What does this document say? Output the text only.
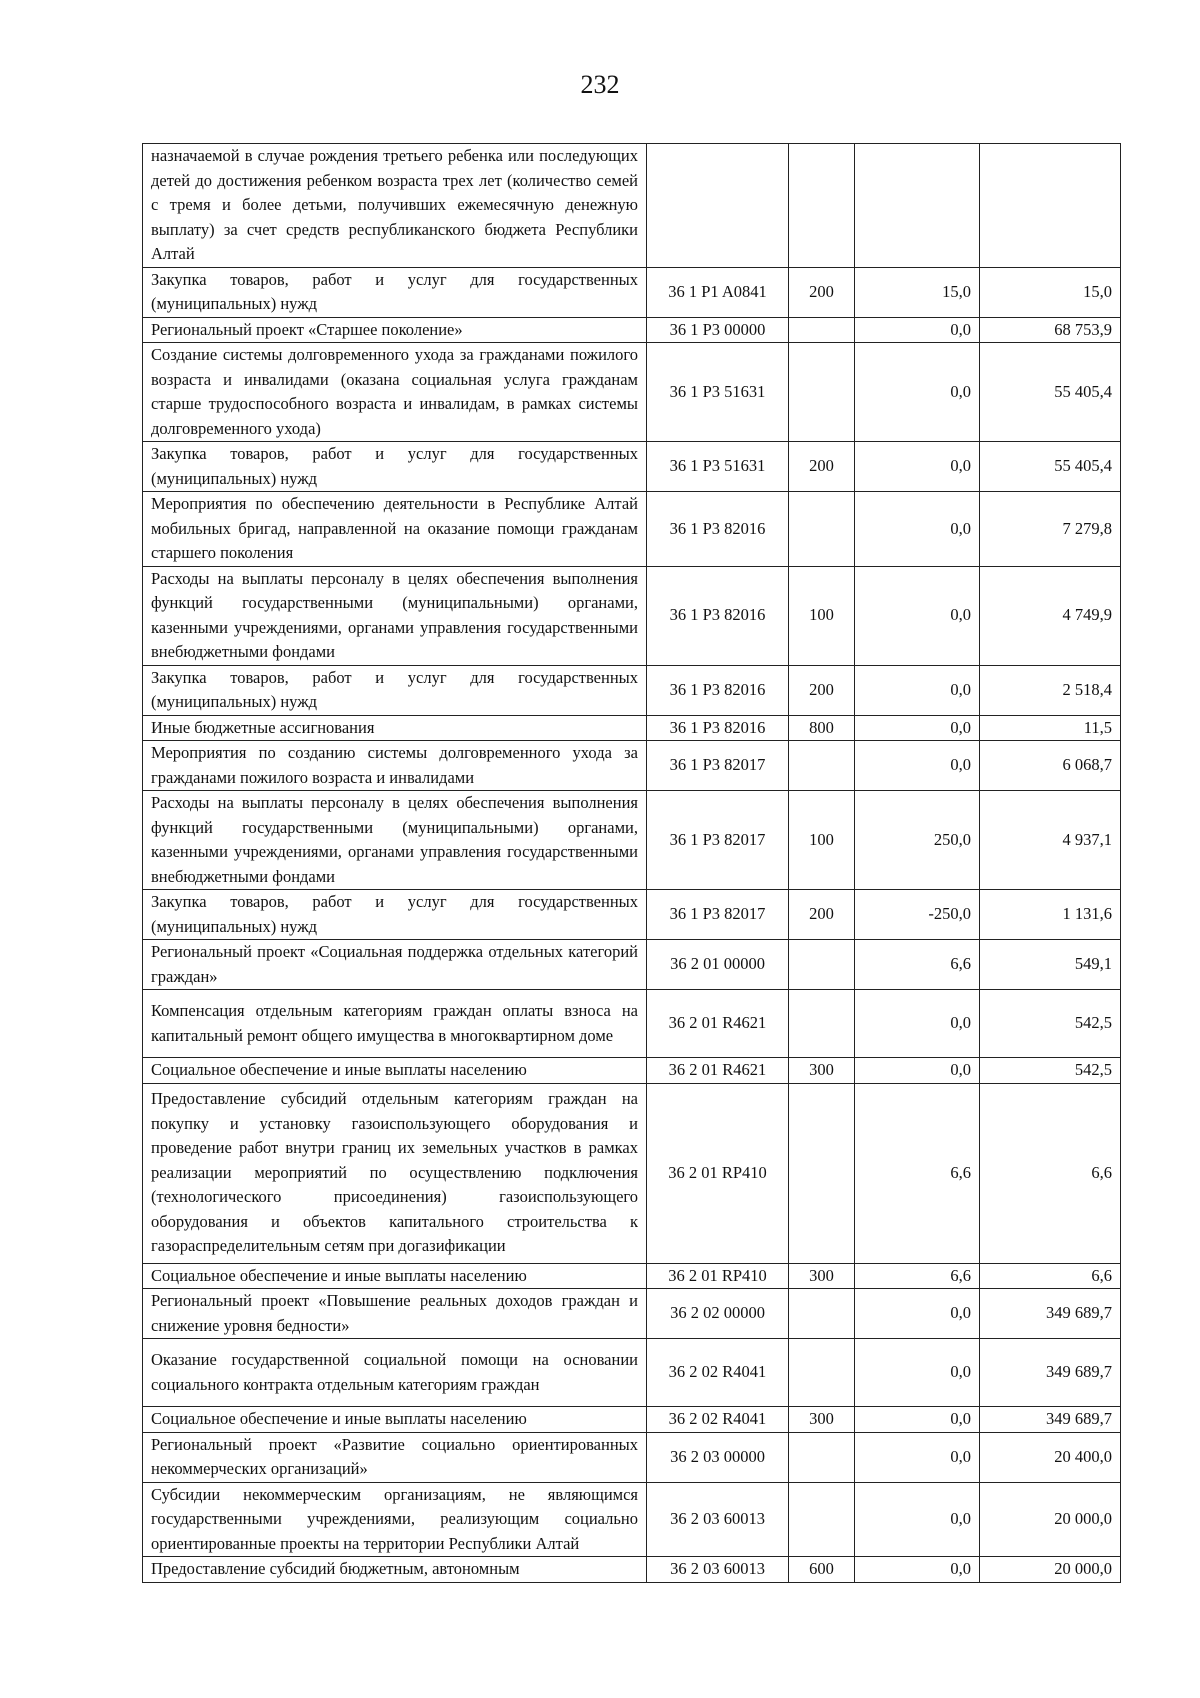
232
назначаемой в случае рождения третьего ребенка или последующих детей до достижения ребенком возраста трех лет (количество семей с тремя и более детьми, получивших ежемесячную денежную выплату) за счет средств республиканского бюджета Республики Алтай				
Закупка товаров, работ и услуг для государственных (муниципальных) нужд	36 1 P1 A0841	200	15,0	15,0
Региональный проект «Старшее поколение»	36 1 P3 00000		0,0	68 753,9
Создание системы долговременного ухода за гражданами пожилого возраста и инвалидами (оказана социальная услуга гражданам старше трудоспособного возраста и инвалидам, в рамках системы долговременного ухода)	36 1 P3 51631		0,0	55 405,4
Закупка товаров, работ и услуг для государственных (муниципальных) нужд	36 1 P3 51631	200	0,0	55 405,4
Мероприятия по обеспечению деятельности в Республике Алтай мобильных бригад, направленной на оказание помощи гражданам старшего поколения	36 1 P3 82016		0,0	7 279,8
Расходы на выплаты персоналу в целях обеспечения выполнения функций государственными (муниципальными) органами, казенными учреждениями, органами управления государственными внебюджетными фондами	36 1 P3 82016	100	0,0	4 749,9
Закупка товаров, работ и услуг для государственных (муниципальных) нужд	36 1 P3 82016	200	0,0	2 518,4
Иные бюджетные ассигнования	36 1 P3 82016	800	0,0	11,5
Мероприятия по созданию системы долговременного ухода за гражданами пожилого возраста и инвалидами	36 1 P3 82017		0,0	6 068,7
Расходы на выплаты персоналу в целях обеспечения выполнения функций государственными (муниципальными) органами, казенными учреждениями, органами управления государственными внебюджетными фондами	36 1 P3 82017	100	250,0	4 937,1
Закупка товаров, работ и услуг для государственных (муниципальных) нужд	36 1 P3 82017	200	-250,0	1 131,6
Региональный проект «Социальная поддержка отдельных категорий граждан»	36 2 01 00000		6,6	549,1
Компенсация отдельным категориям граждан оплаты взноса на капитальный ремонт общего имущества в многоквартирном доме	36 2 01 R4621		0,0	542,5
Социальное обеспечение и иные выплаты населению	36 2 01 R4621	300	0,0	542,5
Предоставление субсидий отдельным категориям граждан на покупку и установку газоиспользующего оборудования и проведение работ внутри границ их земельных участков в рамках реализации мероприятий по осуществлению подключения (технологического присоединения) газоиспользующего оборудования и объектов капитального строительства к газораспределительным сетям при догазификации	36 2 01 RP410		6,6	6,6
Социальное обеспечение и иные выплаты населению	36 2 01 RP410	300	6,6	6,6
Региональный проект «Повышение реальных доходов граждан и снижение уровня бедности»	36 2 02 00000		0,0	349 689,7
Оказание государственной социальной помощи на основании социального контракта отдельным категориям граждан	36 2 02 R4041		0,0	349 689,7
Социальное обеспечение и иные выплаты населению	36 2 02 R4041	300	0,0	349 689,7
Региональный проект «Развитие социально ориентированных некоммерческих организаций»	36 2 03 00000		0,0	20 400,0
Субсидии некоммерческим организациям, не являющимся государственными учреждениями, реализующим социально ориентированные проекты на территории Республики Алтай	36 2 03 60013		0,0	20 000,0
Предоставление субсидий бюджетным, автономным	36 2 03 60013	600	0,0	20 000,0
